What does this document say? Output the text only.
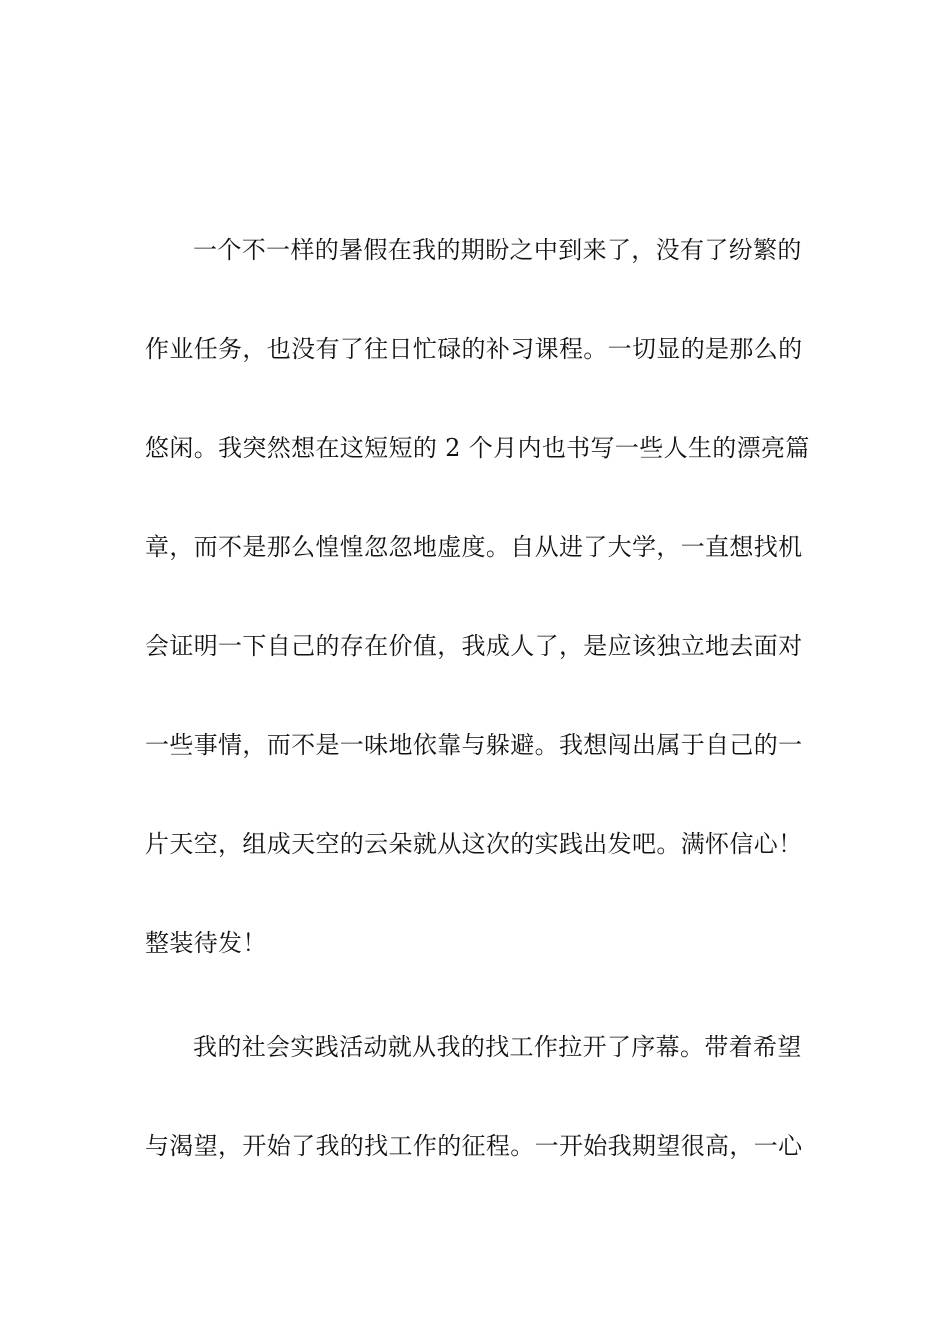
一个不一样的暑假在我的期盼之中到来了，没有了纷繁的
作业任务，也没有了往日忙碌的补习课程。一切显的是那么的
悠闲。我突然想在这短短的 2 个月内也书写一些人生的漂亮篇
章，而不是那么惶惶忽忽地虚度。自从进了大学，一直想找机
会证明一下自己的存在价值，我成人了，是应该独立地去面对
一些事情，而不是一味地依靠与躲避。我想闯出属于自己的一
片天空，组成天空的云朵就从这次的实践出发吧。满怀信心！
整装待发！
我的社会实践活动就从我的找工作拉开了序幕。带着希望
与渴望，开始了我的找工作的征程。一开始我期望很高，一心
